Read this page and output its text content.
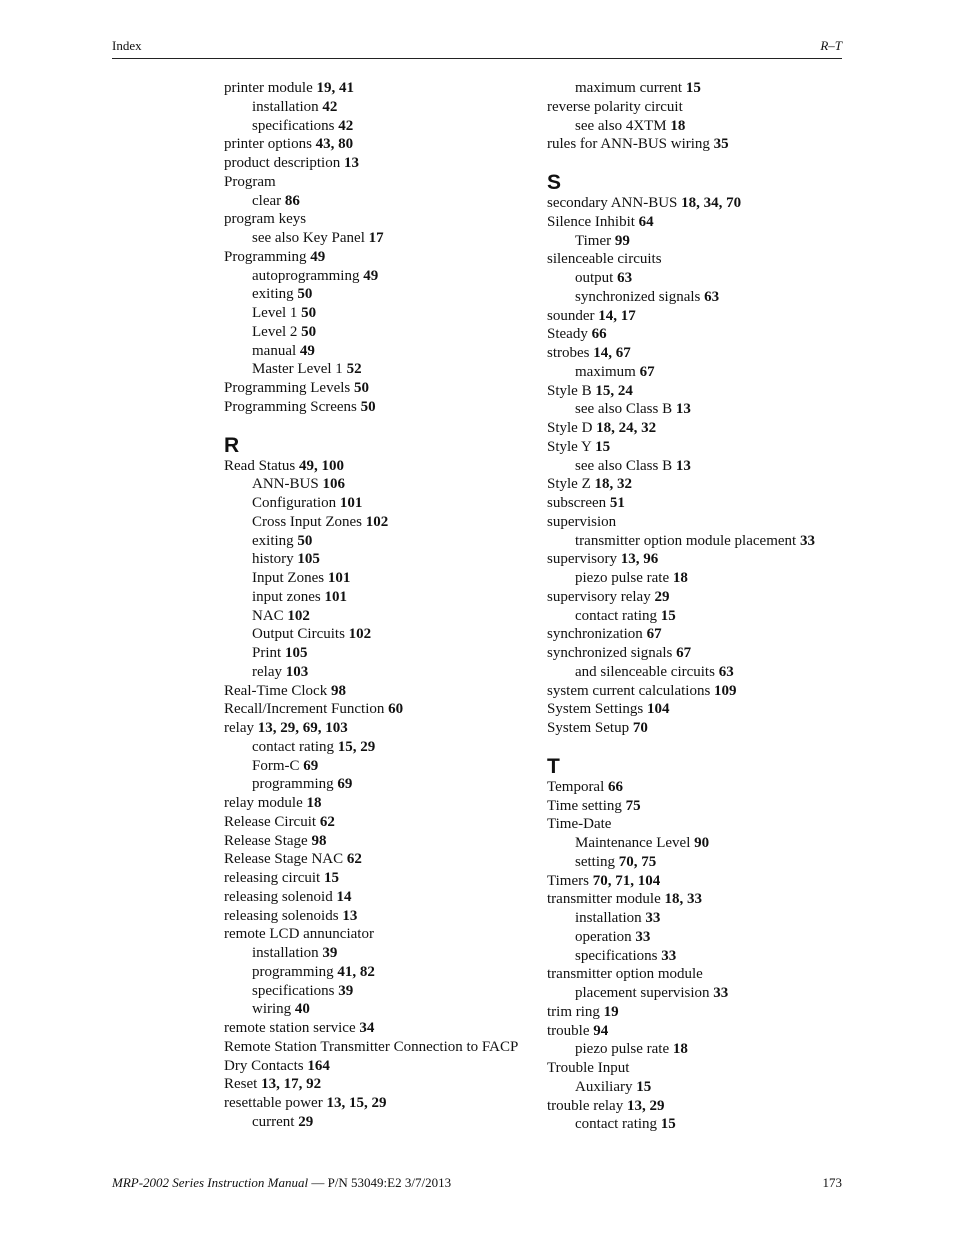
Index	R–T
printer module 19, 41
installation 42
specifications 42
printer options 43, 80
product description 13
Program
clear 86
program keys
see also Key Panel 17
Programming 49
autoprogramming 49
exiting 50
Level 1 50
Level 2 50
manual 49
Master Level 1 52
Programming Levels 50
Programming Screens 50
R
Read Status 49, 100
ANN-BUS 106
Configuration 101
Cross Input Zones 102
exiting 50
history 105
Input Zones 101
input zones 101
NAC 102
Output Circuits 102
Print 105
relay 103
Real-Time Clock 98
Recall/Increment Function 60
relay 13, 29, 69, 103
contact rating 15, 29
Form-C 69
programming 69
relay module 18
Release Circuit 62
Release Stage 98
Release Stage NAC 62
releasing circuit 15
releasing solenoid 14
releasing solenoids 13
remote LCD annunciator
installation 39
programming 41, 82
specifications 39
wiring 40
remote station service 34
Remote Station Transmitter Connection to FACP
Dry Contacts 164
Reset 13, 17, 92
resettable power 13, 15, 29
current 29
maximum current 15
reverse polarity circuit
see also 4XTM 18
rules for ANN-BUS wiring 35
S
secondary ANN-BUS 18, 34, 70
Silence Inhibit 64
Timer 99
silenceable circuits
output 63
synchronized signals 63
sounder 14, 17
Steady 66
strobes 14, 67
maximum 67
Style B 15, 24
see also Class B 13
Style D 18, 24, 32
Style Y 15
see also Class B 13
Style Z 18, 32
subscreen 51
supervision
transmitter option module placement 33
supervisory 13, 96
piezo pulse rate 18
supervisory relay 29
contact rating 15
synchronization 67
synchronized signals 67
and silenceable circuits 63
system current calculations 109
System Settings 104
System Setup 70
T
Temporal 66
Time setting 75
Time-Date
Maintenance Level 90
setting 70, 75
Timers 70, 71, 104
transmitter module 18, 33
installation 33
operation 33
specifications 33
transmitter option module
placement supervision 33
trim ring 19
trouble 94
piezo pulse rate 18
Trouble Input
Auxiliary 15
trouble relay 13, 29
contact rating 15
MRP-2002 Series Instruction Manual — P/N 53049:E2 3/7/2013	173
